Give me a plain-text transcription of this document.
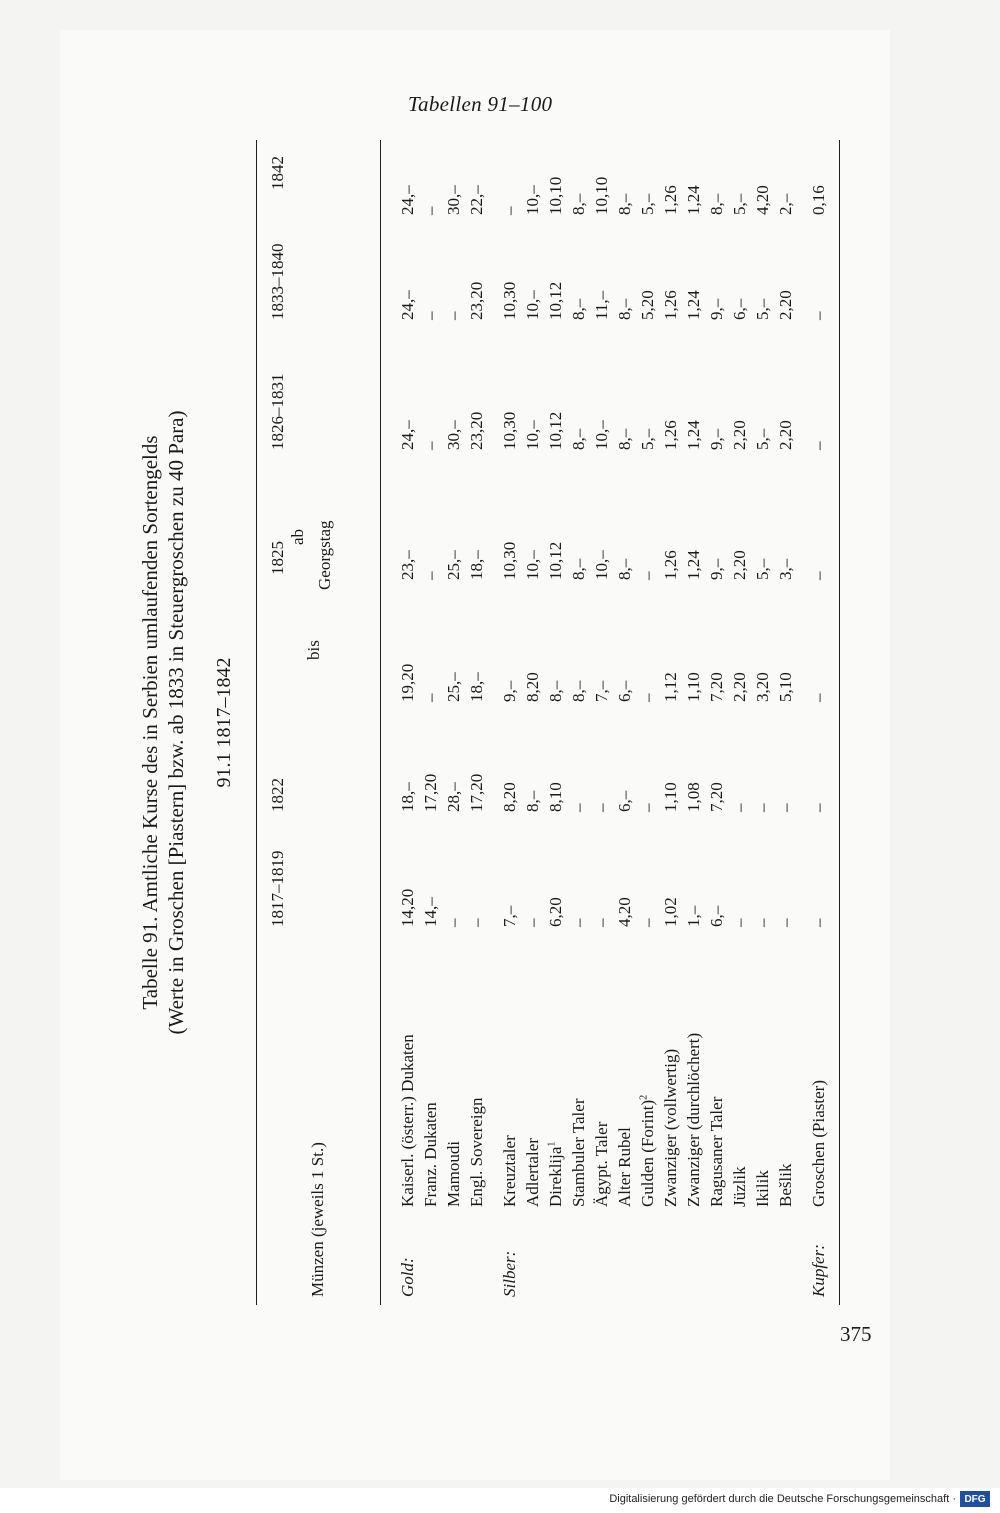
Tabellen 91–100
Tabelle 91. Amtliche Kurse des in Serbien umlaufenden Sortengelds (Werte in Groschen [Piastern] bzw. ab 1833 in Steuergroschen zu 40 Para) 91.1 1817–1842
Münzen (jeweils 1 St.)
1817–1819
1822
bis
1825
ab Georgstag
1826–1831
1833–1840
1842
Gold:
Kaiserl. (österr.) Dukaten
14,20
18,–
19,20
23,–
24,–
24,–
24,–
Franz. Dukaten
14,–
17,20
–
–
–
–
–
Mamoudi
–
28,–
25,–
25,–
30,–
–
30,–
Engl. Sovereign
–
17,20
18,–
18,–
23,20
23,20
22,–
Silber:
Kreuztaler
7,–
8,20
9,–
10,30
10,30
10,30
–
Adlertaler
–
8,–
8,20
10,–
10,–
10,–
10,–
Direklija$^1$
6,20
8,10
8,–
10,12
10,12
10,12
10,10
Stambuler Taler
–
–
8,–
8,–
8,–
8,–
8,–
Ägypt. Taler
–
–
7,–
10,–
10,–
11,–
10,10
Alter Rubel
4,20
6,–
6,–
8,–
8,–
8,–
8,–
Gulden (Forint)$^2$
–
–
–
–
5,–
5,20
5,–
Zwanziger (vollwertig)
1,02
1,10
1,12
1,26
1,26
1,26
1,26
Zwanziger (durchlöchert)
1,–
1,08
1,10
1,24
1,24
1,24
1,24
Ragusaner Taler
6,–
7,20
7,20
9,–
9,–
9,–
8,–
Jüzlik
–
–
2,20
2,20
2,20
6,–
5,–
Ikilik
–
–
3,20
5,–
5,–
5,–
4,20
Bešlik
–
–
5,10
3,–
2,20
2,20
2,–
Kupfer:
Groschen (Piaster)
–
–
–
–
–
–
0,16
375
Digitalisierung gefördert durch die Deutsche Forschungsgemeinschaft · DFG
